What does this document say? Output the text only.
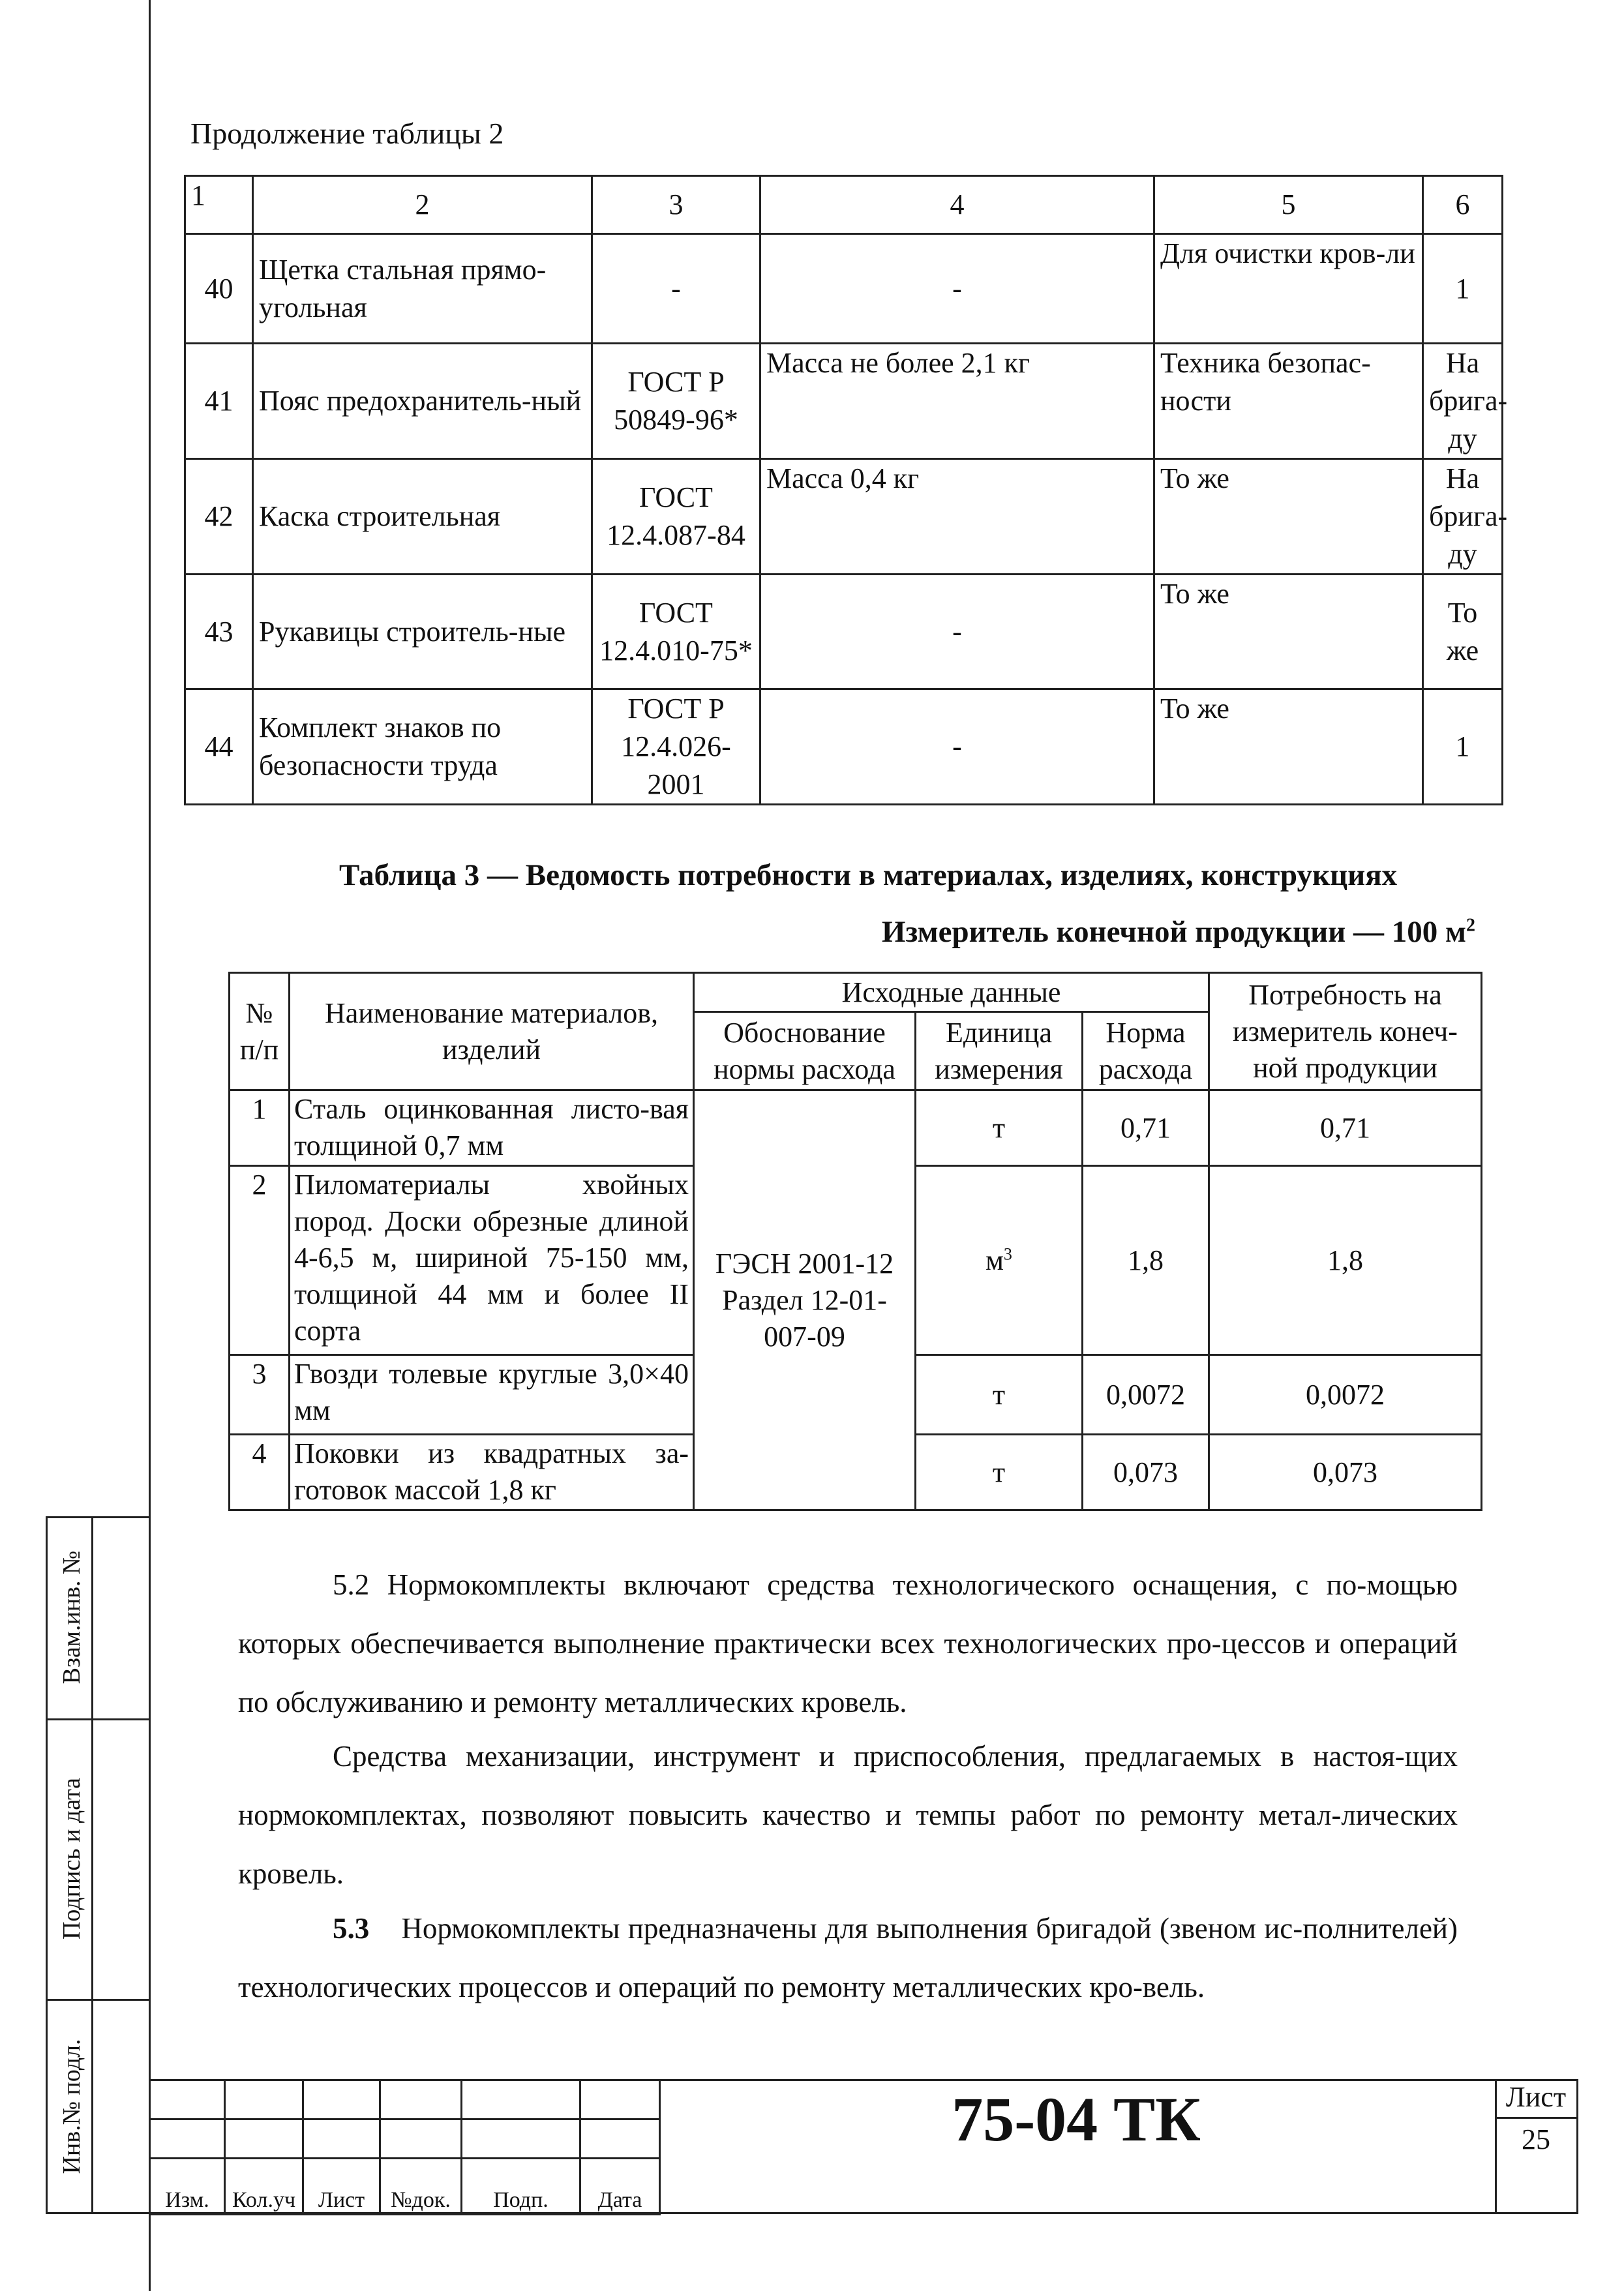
Продолжение таблицы 2
1	2	3	4	5	6
40	Щетка стальная прямо-угольная	-	-	Для очистки кров-ли	1
41	Пояс предохранитель-ный	ГОСТ Р 50849-96*	Масса не более 2,1 кг	Техника безопас-ности	На брига-ду
42	Каска строительная	ГОСТ 12.4.087-84	Масса 0,4 кг	То же	На брига-ду
43	Рукавицы строитель-ные	ГОСТ 12.4.010-75*	-	То же	То же
44	Комплект знаков по безопасности труда	ГОСТ Р 12.4.026-2001	-	То же	1
Таблица 3 — Ведомость потребности в материалах, изделиях, конструкциях
Измеритель конечной продукции — 100 $м^2$
№ п/п	Наименование материалов, изделий	Исходные данные			Потребность на измеритель конеч-ной продукции
		Обоснование нормы расхода	Единица измерения	Норма расхода	
1	Сталь оцинкованная листо-вая толщиной 0,7 мм	ГЭСН 2001-12 Раздел 12-01-007-09	т	0,71	0,71
2	Пиломатериалы хвойных пород. Доски обрезные длиной 4-6,5 м, шириной 75-150 мм, толщиной 44 мм и более II сорта		$м^3$	1,8	1,8
3	Гвозди толевые круглые 3,0×40 мм		т	0,0072	0,0072
4	Поковки из квадратных за-готовок массой 1,8 кг		т	0,073	0,073
5.2 Нормокомплекты включают средства технологического оснащения, с по-мощью которых обеспечивается выполнение практически всех технологических про-цессов и операций по обслуживанию и ремонту металлических кровель.
Средства механизации, инструмент и приспособления, предлагаемых в настоя-щих нормокомплектах, позволяют повысить качество и темпы работ по ремонту метал-лических кровель.
5.3 Нормокомплекты предназначены для выполнения бригадой (звеном ис-полнителей) технологических процессов и операций по ремонту металлических кро-вель.
Взам.инв. №
Подпись и дата
Инв.№ подл.

Изм.	Кол.уч	Лист	№док.	Подп.	Дата
75-04 ТК	Лист
25
